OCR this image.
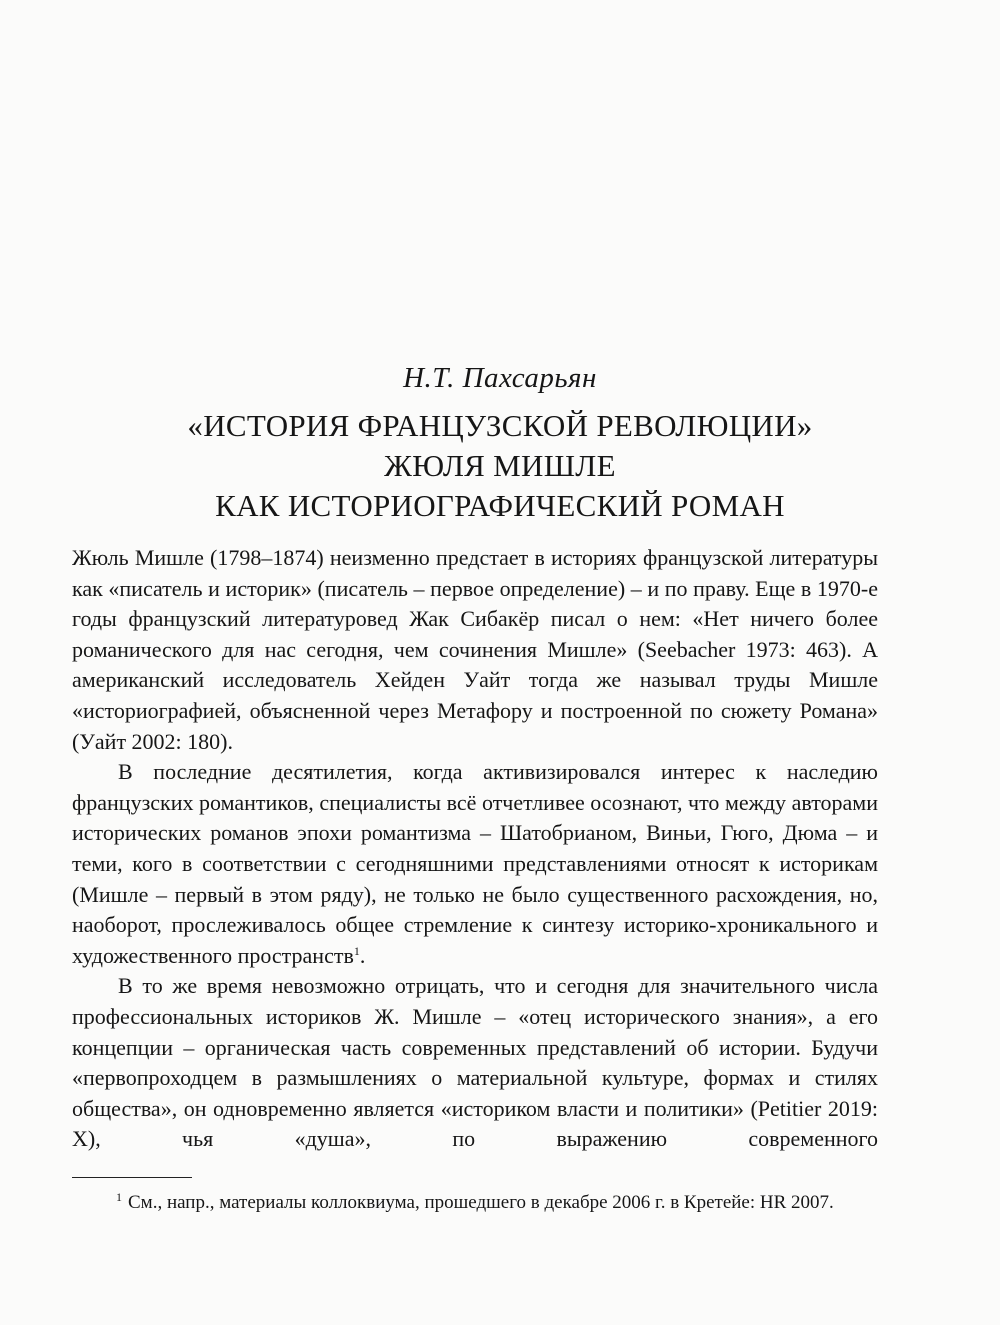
Н.Т. Пахсарьян
«ИСТОРИЯ ФРАНЦУЗСКОЙ РЕВОЛЮЦИИ»
ЖЮЛЯ МИШЛЕ
КАК ИСТОРИОГРАФИЧЕСКИЙ РОМАН

Жюль Мишле (1798–1874) неизменно предстает в историях французской литературы как «писатель и историк» (писатель – первое определение) – и по праву. Еще в 1970-е годы французский литературовед Жак Сибакёр писал о нем: «Нет ничего более романического для нас сегодня, чем сочинения Мишле» (Seebacher 1973: 463). А американский исследователь Хейден Уайт тогда же называл труды Мишле «историографией, объясненной через Метафору и построенной по сюжету Романа» (Уайт 2002: 180).

В последние десятилетия, когда активизировался интерес к наследию французских романтиков, специалисты всё отчетливее осознают, что между авторами исторических романов эпохи романтизма – Шатобрианом, Виньи, Гюго, Дюма – и теми, кого в соответствии с сегодняшними представлениями относят к историкам (Мишле – первый в этом ряду), не только не было существенного расхождения, но, наоборот, прослеживалось общее стремление к синтезу историко-хроникального и художественного пространств$^1$.

В то же время невозможно отрицать, что и сегодня для значительного числа профессиональных историков Ж. Мишле – «отец исторического знания», а его концепции – органическая часть современных представлений об истории. Будучи «первопроходцем в размышлениях о материальной культуре, формах и стилях общества», он одновременно является «историком власти и политики» (Petitier 2019: X), чья «душа», по выражению современного

$^1$ См., напр., материалы коллоквиума, прошедшего в декабре 2006 г. в Кретейе: HR 2007.
